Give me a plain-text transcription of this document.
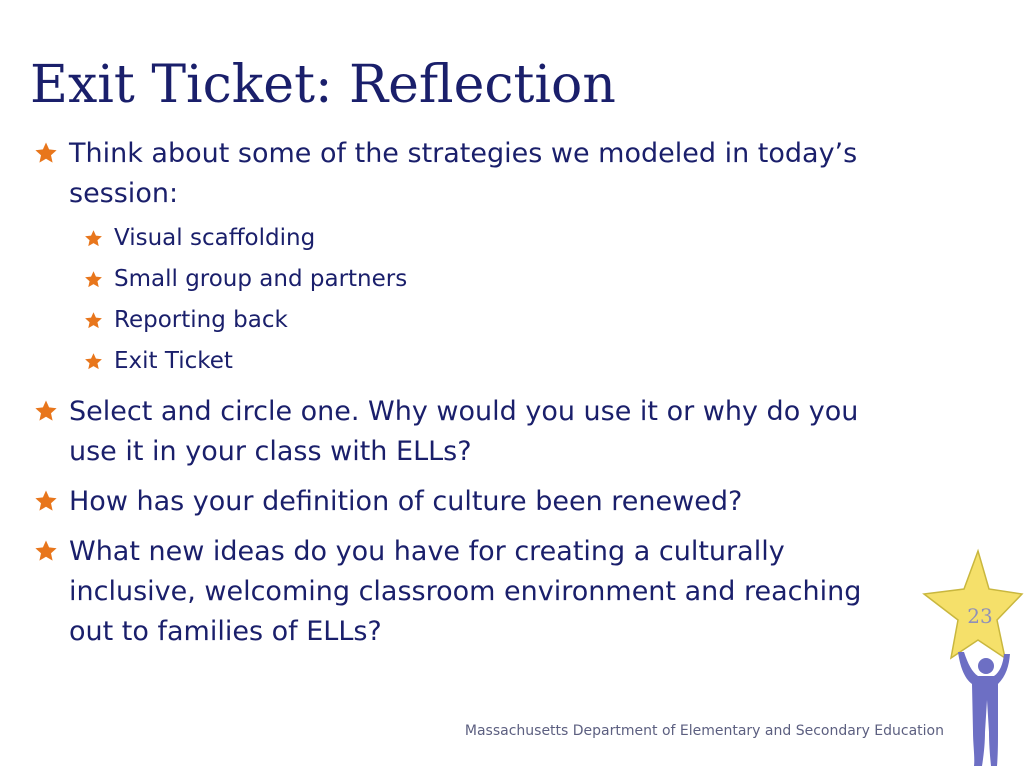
Exit Ticket: Reflection
Think about some of the strategies we modeled in today’s session:
Visual scaffolding
Small group and partners
Reporting back
Exit Ticket
Select and circle one. Why would you use it or why do you use it in your class with ELLs?
How has your definition of culture been renewed?
What new ideas do you have for creating a culturally inclusive, welcoming classroom environment and reaching out to families of ELLs?	23
Massachusetts Department of Elementary and Secondary Education
